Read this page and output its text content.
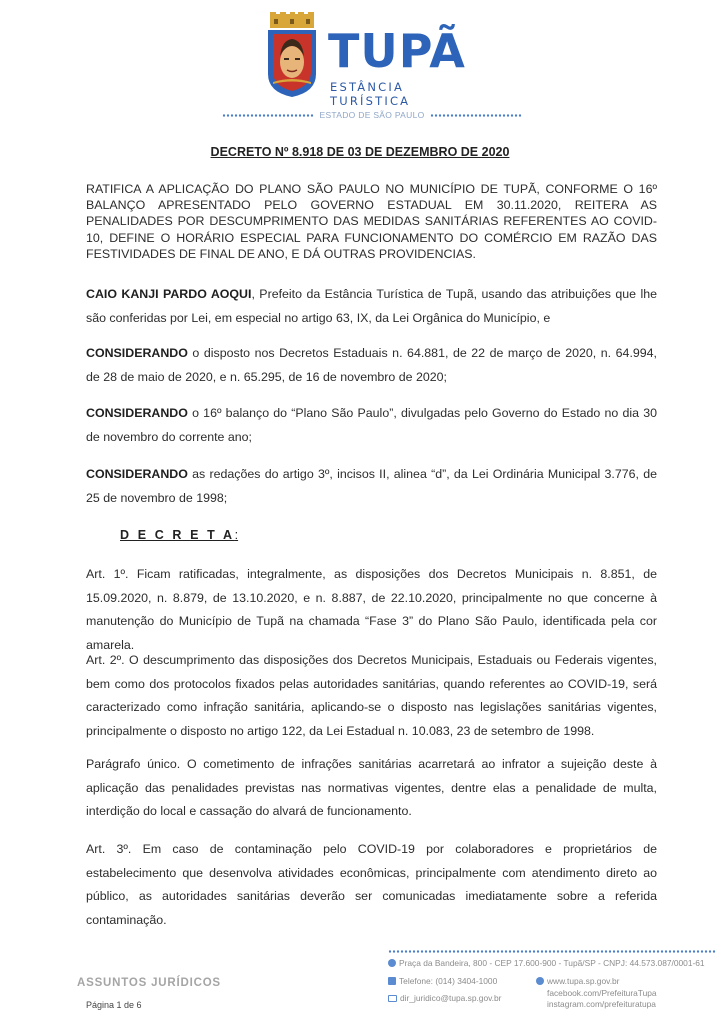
TUPÃ
ESTÂNCIA TURÍSTICA
ESTADO DE SÃO PAULO
DECRETO Nº 8.918 DE 03 DE DEZEMBRO DE 2020
RATIFICA A APLICAÇÃO DO PLANO SÃO PAULO NO MUNICÍPIO DE TUPÃ, CONFORME O 16º BALANÇO APRESENTADO PELO GOVERNO ESTADUAL EM 30.11.2020, REITERA AS PENALIDADES POR DESCUMPRIMENTO DAS MEDIDAS SANITÁRIAS REFERENTES AO COVID-10, DEFINE O HORÁRIO ESPECIAL PARA FUNCIONAMENTO DO COMÉRCIO EM RAZÃO DAS FESTIVIDADES DE FINAL DE ANO, E DÁ OUTRAS PROVIDENCIAS.
CAIO KANJI PARDO AOQUI, Prefeito da Estância Turística de Tupã, usando das atribuições que lhe são conferidas por Lei, em especial no artigo 63, IX, da Lei Orgânica do Município, e
CONSIDERANDO o disposto nos Decretos Estaduais n. 64.881, de 22 de março de 2020, n. 64.994, de 28 de maio de 2020, e n. 65.295, de 16 de novembro de 2020;
CONSIDERANDO o 16º balanço do “Plano São Paulo”, divulgadas pelo Governo do Estado no dia 30 de novembro do corrente ano;
CONSIDERANDO as redações do artigo 3º, incisos II, alinea “d”, da Lei Ordinária Municipal 3.776, de 25 de novembro de 1998;
D E C R E T A:
Art. 1º. Ficam ratificadas, integralmente, as disposições dos Decretos Municipais n. 8.851, de 15.09.2020, n. 8.879, de 13.10.2020, e n. 8.887, de 22.10.2020, principalmente no que concerne à manutenção do Município de Tupã na chamada “Fase 3” do Plano São Paulo, identificada pela cor amarela.
Art. 2º. O descumprimento das disposições dos Decretos Municipais, Estaduais ou Federais vigentes, bem como dos protocolos fixados pelas autoridades sanitárias, quando referentes ao COVID-19, será caracterizado como infração sanitária, aplicando-se o disposto nas legislações sanitárias vigentes, principalmente o disposto no artigo 122, da Lei Estadual n. 10.083, 23 de setembro de 1998.
Parágrafo único. O cometimento de infrações sanitárias acarretará ao infrator a sujeição deste à aplicação das penalidades previstas nas normativas vigentes, dentre elas a penalidade de multa, interdição do local e cassação do alvará de funcionamento.
Art. 3º. Em caso de contaminação pelo COVID-19 por colaboradores e proprietários de estabelecimento que desenvolva atividades econômicas, principalmente com atendimento direto ao público, as autoridades sanitárias deverão ser comunicadas imediatamente sobre a referida contaminação.
ASSUNTOS JURÍDICOS
Página 1 de 6
Praça da Bandeira, 800 - CEP 17.600-900 - Tupã/SP - CNPJ: 44.573.087/0001-61
Telefone: (014) 3404-1000
dir_juridico@tupa.sp.gov.br
www.tupa.sp.gov.br
facebook.com/PrefeituraTupa
instagram.com/prefeituratupa
